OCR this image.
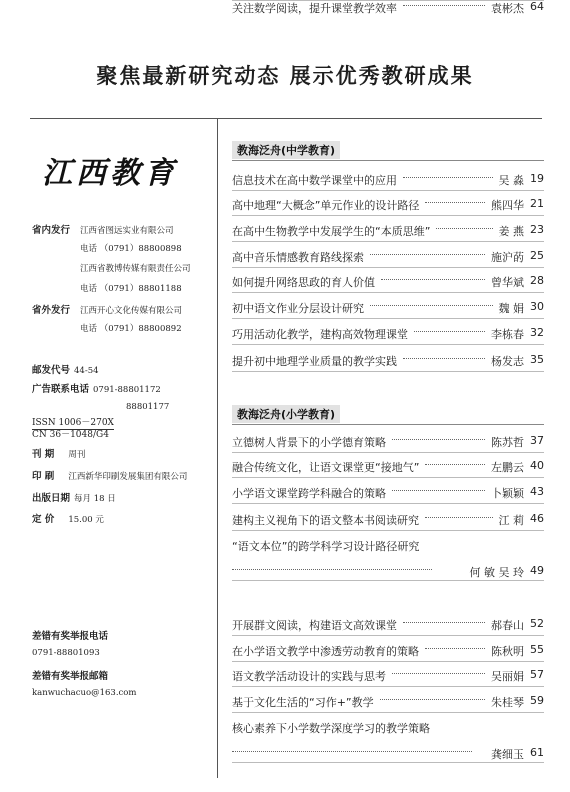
聚焦最新研究动态 展示优秀教研成果
江西教育
省内发行 江西省图远实业有限公司
电话 （0791）88800898
江西省教博传媒有限责任公司
电话 （0791）88801188
省外发行 江西开心文化传媒有限公司
电话 （0791）88800892
邮发代号 44-54
广告联系电话 0791-88801172
88801177
ISSN 1006－270X
CN 36－1048/G4
刊 期 周刊
印 刷 江西新华印刷发展集团有限公司
出版日期 每月 18 日
定 价 15.00 元
差错有奖举报电话
0791-88801093
差错有奖举报邮箱
kanwuchacuo@163.com
教海泛舟(中学教育)
信息技术在高中数学课堂中的应用	吴 淼 19
高中地理“大概念”单元作业的设计路径	熊四华 21
在高中生物教学中发展学生的“本质思维”	姜 燕 23
高中音乐情感教育路线探索	施沪菂 25
如何提升网络思政的育人价值	曾华斌 28
初中语文作业分层设计研究	魏 娟 30
巧用活动化教学，建构高效物理课堂	李栋春 32
提升初中地理学业质量的教学实践	杨发志 35
教海泛舟(小学教育)
立德树人背景下的小学德育策略	陈苏哲 37
融合传统文化，让语文课堂更“接地气”	左鹏云 40
小学语文课堂跨学科融合的策略	卜颖颖 43
建构主义视角下的语文整本书阅读研究	江 莉 46
“语文本位”的跨学科学习设计路径研究
何 敏 吴 玲 49
开展群文阅读，构建语文高效课堂	郝春山 52
在小学语文教学中渗透劳动教育的策略	陈秋明 55
语文教学活动设计的实践与思考	吴丽娟 57
基于文化生活的“习作+”教学	朱桂琴 59
核心素养下小学数学深度学习的教学策略
龚细玉 61
关注数学阅读，提升课堂教学效率	袁彬杰 64
